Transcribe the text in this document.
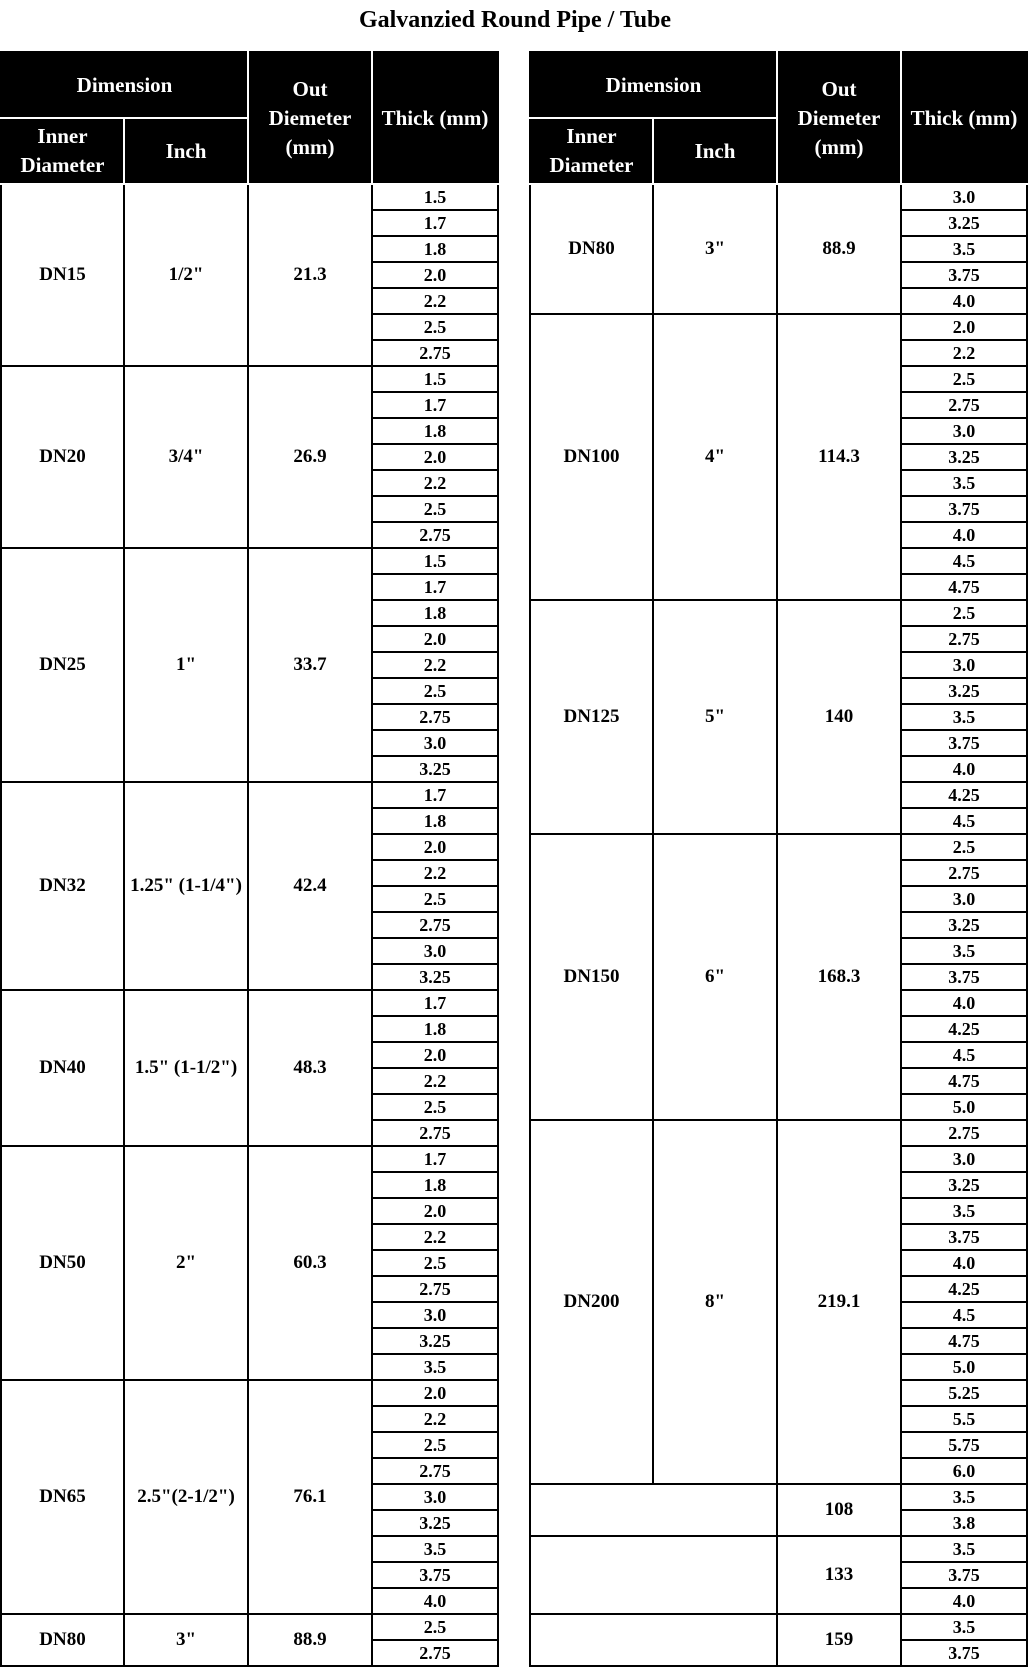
Galvanzied Round Pipe / Tube
Dimension		Out Diemeter (mm)	Thick (mm)
Inner Diameter	Inch		
DN15	1/2"	21.3	1.5
			1.7
			1.8
			2.0
			2.2
			2.5
			2.75
DN20	3/4"	26.9	1.5
			1.7
			1.8
			2.0
			2.2
			2.5
			2.75
DN25	1"	33.7	1.5
			1.7
			1.8
			2.0
			2.2
			2.5
			2.75
			3.0
			3.25
DN32	1.25" (1-1/4")	42.4	1.7
			1.8
			2.0
			2.2
			2.5
			2.75
			3.0
			3.25
DN40	1.5" (1-1/2")	48.3	1.7
			1.8
			2.0
			2.2
			2.5
			2.75
DN50	2"	60.3	1.7
			1.8
			2.0
			2.2
			2.5
			2.75
			3.0
			3.25
			3.5
DN65	2.5"(2-1/2")	76.1	2.0
			2.2
			2.5
			2.75
			3.0
			3.25
			3.5
			3.75
			4.0
DN80	3"	88.9	2.5
			2.75
Dimension		Out Diemeter (mm)	Thick (mm)
Inner Diameter	Inch		
DN80	3"	88.9	3.0
			3.25
			3.5
			3.75
			4.0
DN100	4"	114.3	2.0
			2.2
			2.5
			2.75
			3.0
			3.25
			3.5
			3.75
			4.0
			4.5
			4.75
DN125	5"	140	2.5
			2.75
			3.0
			3.25
			3.5
			3.75
			4.0
			4.25
			4.5
DN150	6"	168.3	2.5
			2.75
			3.0
			3.25
			3.5
			3.75
			4.0
			4.25
			4.5
			4.75
			5.0
DN200	8"	219.1	2.75
			3.0
			3.25
			3.5
			3.75
			4.0
			4.25
			4.5
			4.75
			5.0
			5.25
			5.5
			5.75
			6.0
		108	3.5
			3.8
		133	3.5
			3.75
			4.0
		159	3.5
			3.75
